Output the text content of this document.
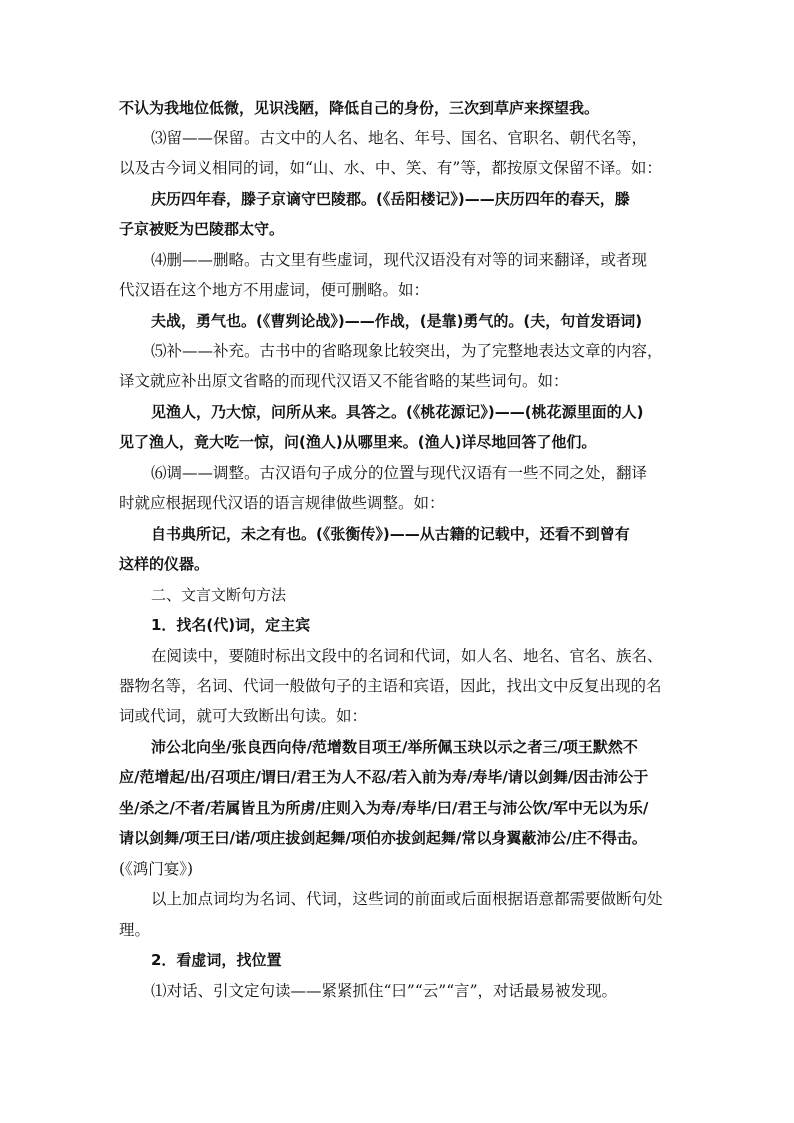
不认为我地位低微，见识浅陋，降低自己的身份，三次到草庐来探望我。
⑶留——保留。古文中的人名、地名、年号、国名、官职名、朝代名等，
以及古今词义相同的词，如“山、水、中、笑、有”等，都按原文保留不译。如：
庆历四年春，滕子京谪守巴陵郡。(《岳阳楼记》)——庆历四年的春天，滕
子京被贬为巴陵郡太守。
⑷删——删略。古文里有些虚词，现代汉语没有对等的词来翻译，或者现
代汉语在这个地方不用虚词，便可删略。如：
夫战，勇气也。(《曹刿论战》)——作战，(是靠)勇气的。(夫，句首发语词)
⑸补——补充。古书中的省略现象比较突出，为了完整地表达文章的内容，
译文就应补出原文省略的而现代汉语又不能省略的某些词句。如：
见渔人，乃大惊，问所从来。具答之。(《桃花源记》)——(桃花源里面的人)
见了渔人，竟大吃一惊，问(渔人)从哪里来。(渔人)详尽地回答了他们。
⑹调——调整。古汉语句子成分的位置与现代汉语有一些不同之处，翻译
时就应根据现代汉语的语言规律做些调整。如：
自书典所记，未之有也。(《张衡传》)——从古籍的记载中，还看不到曾有
这样的仪器。
二、文言文断句方法
1．找名(代)词，定主宾
在阅读中，要随时标出文段中的名词和代词，如人名、地名、官名、族名、
器物名等，名词、代词一般做句子的主语和宾语，因此，找出文中反复出现的名
词或代词，就可大致断出句读。如：
沛公北向坐/张良西向侍/范增数目项王/举所佩玉玦以示之者三/项王默然不
应/范增起/出/召项庄/谓曰/君王为人不忍/若入前为寿/寿毕/请以剑舞/因击沛公于
坐/杀之/不者/若属皆且为所虏/庄则入为寿/寿毕/曰/君王与沛公饮/军中无以为乐/
请以剑舞/项王曰/诺/项庄拔剑起舞/项伯亦拔剑起舞/常以身翼蔽沛公/庄不得击。
(《鸿门宴》)
以上加点词均为名词、代词，这些词的前面或后面根据语意都需要做断句处
理。
2．看虚词，找位置
⑴对话、引文定句读——紧紧抓住“曰”“云”“言”，对话最易被发现。
